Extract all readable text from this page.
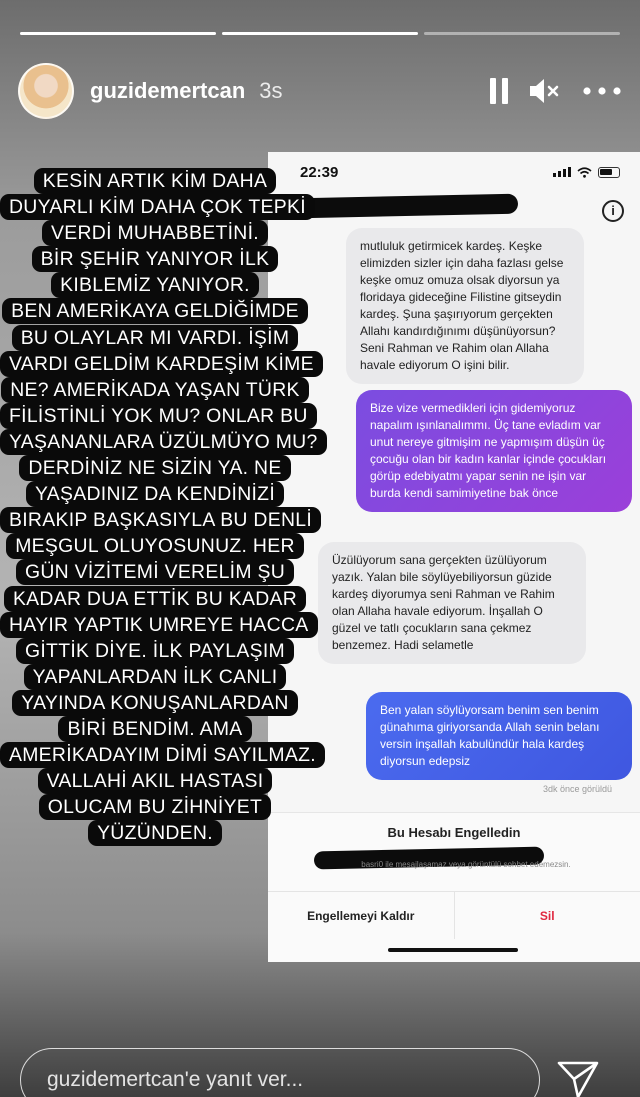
guzidemertcan 3s
22:39
i
mutluluk getirmicek kardeş. Keşke elimizden sizler için daha fazlası gelse keşke omuz omuza olsak diyorsun ya floridaya gideceğine Filistine gitseydin kardeş. Şuna şaşırıyorum gerçekten Allahı kandırdığınımı düşünüyorsun? Seni Rahman ve Rahim olan Allaha havale ediyorum O işini bilir.
Bize vize vermedikleri için gidemiyoruz napalım ışınlanalımmı. Üç tane evladım var unut nereye gitmişim ne yapmışım düşün üç çocuğu olan bir kadın kanlar içinde çocukları görüp edebiyatmı yapar senin ne işin var burda kendi samimiyetine bak önce
Üzülüyorum sana gerçekten üzülüyorum yazık. Yalan bile söylüyebiliyorsun güzide kardeş diyorumya seni Rahman ve Rahim olan Allaha havale ediyorum. İnşallah O güzel ve tatlı çocukların sana çekmez benzemez. Hadi selametle
Ben yalan söylüyorsam benim sen benim günahıma giriyorsanda Allah senin belanı versin inşallah kabulündür hala kardeş diyorsun edepsiz
3dk önce görüldü
Bu Hesabı Engelledin
basri0 ile mesajlaşamaz veya görüntülü sohbet edemezsin.
Engellemeyi Kaldır	Sil
KESİN ARTIK KİM DAHA
DUYARLI KİM DAHA ÇOK TEPKİ
VERDİ MUHABBETİNİ.
BİR ŞEHİR YANIYOR İLK
KIBLEMİZ YANIYOR.
BEN AMERİKAYA GELDİĞİMDE
BU OLAYLAR MI VARDI. İŞİM
VARDI GELDİM KARDEŞİM KİME
NE? AMERİKADA YAŞAN TÜRK
FİLİSTİNLİ YOK MU? ONLAR BU
YAŞANANLARA ÜZÜLMÜYO MU?
DERDİNİZ NE SİZİN YA. NE
YAŞADINIZ DA KENDİNİZİ
BIRAKIP BAŞKASIYLA BU DENLİ
MEŞGUL OLUYOSUNUZ. HER
GÜN VİZİTEMİ VERELİM ŞU
KADAR DUA ETTİK BU KADAR
HAYIR YAPTIK UMREYE HACCA
GİTTİK DİYE. İLK PAYLAŞIM
YAPANLARDAN İLK CANLI
YAYINDA KONUŞANLARDAN
BİRİ BENDİM. AMA
AMERİKADAYIM DİMİ SAYILMAZ.
VALLAHİ AKIL HASTASI
OLUCAM BU ZİHNİYET
YÜZÜNDEN.
guzidemertcan'e yanıt ver...
